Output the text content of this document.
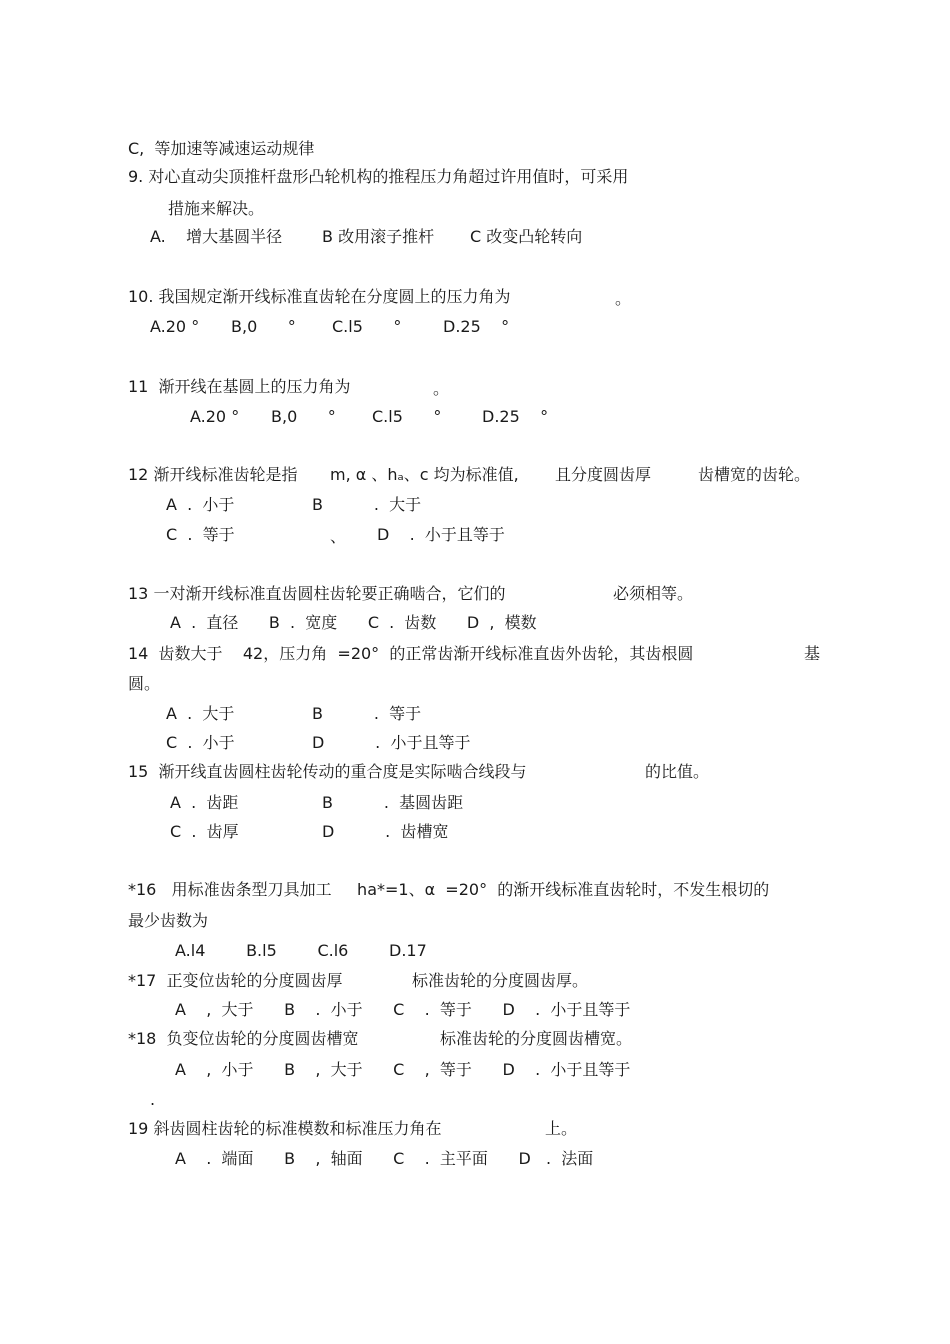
C,  等加速等减速运动规律
9. 对心直动尖顶推杆盘形凸轮机构的推程压力角超过许用值时，可采用
措施来解决。
A.    增大基圆半径 B 改用滚子推杆 C 改变凸轮转向
10. 我国规定渐开线标准直齿轮在分度圆上的压力角为	。
A.20 ° B,0      ° C.l5      °	D.25    °
11  渐开线在基圆上的压力角为	。
A.20 ° B,0      ° C.l5      °	D.25    °
12 渐开线标准齿轮是指 m, α 、hₐ、c 均为标准值, 且分度圆齿厚	齿槽宽的齿轮。
A  .  小于	B          .  大于
C  .  等于	、 D    .  小于且等于
13 一对渐开线标准直齿圆柱齿轮要正确啮合，它们的	必须相等。
A  .  直径      B  .  宽度      C  .  齿数      D  ,  模数
14  齿数大于    42，压力角  =20°  的正常齿渐开线标准直齿外齿轮，其齿根圆	基
圆。
A  .  大于	B          .  等于
C  .  小于	D          .  小于且等于
15  渐开线直齿圆柱齿轮传动的重合度是实际啮合线段与	的比值。
A  .  齿距	B          .  基圆齿距
C  .  齿厚	D          .  齿槽宽
*16   用标准齿条型刀具加工     ha*=1、α  =20°  的渐开线标准直齿轮时，不发生根切的
最少齿数为
A.l4        B.l5        C.l6        D.17
*17  正变位齿轮的分度圆齿厚	标准齿轮的分度圆齿厚。
A    ,  大于      B    .  小于      C    .  等于      D    .  小于且等于
*18  负变位齿轮的分度圆齿槽宽	标准齿轮的分度圆齿槽宽。
A    ,  小于      B    ,  大于      C    ,  等于      D    .  小于且等于
.
19 斜齿圆柱齿轮的标准模数和标准压力角在	上。
A    .  端面      B    ,  轴面      C    .  主平面      D   .  法面
